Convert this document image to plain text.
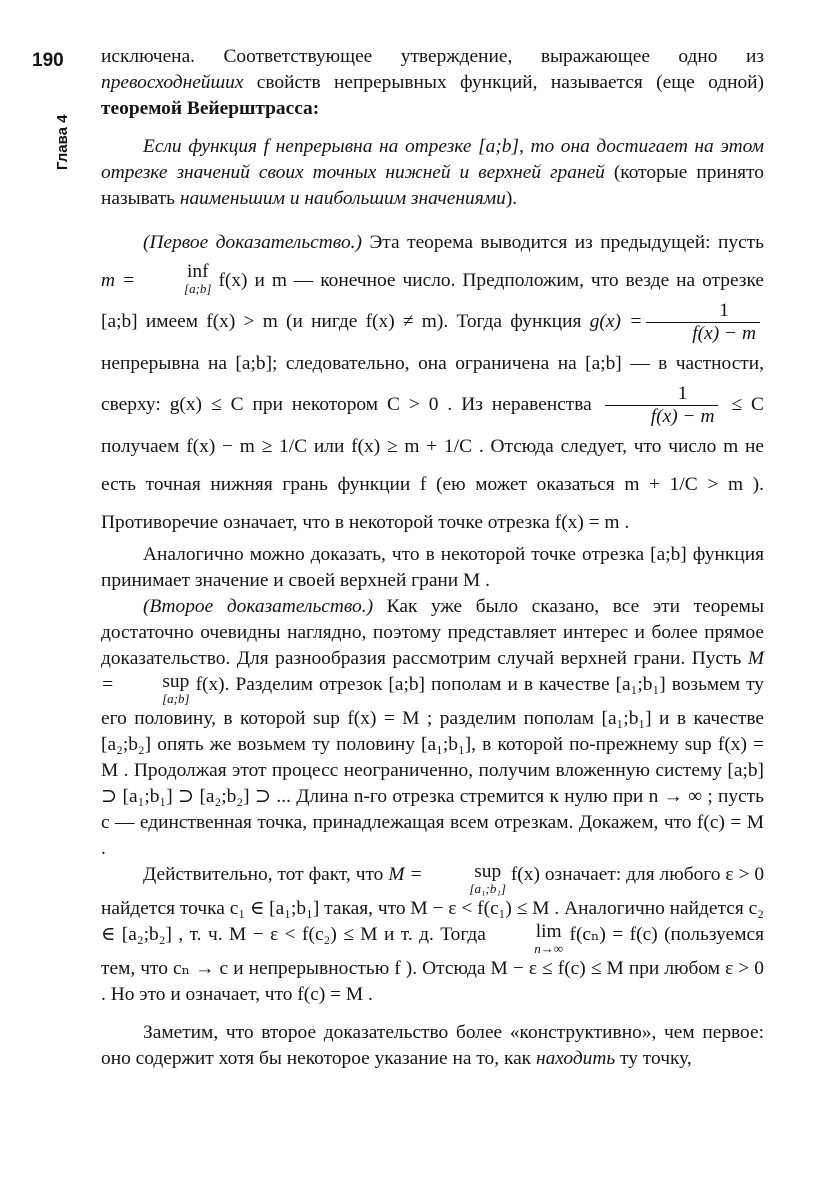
190
Глава 4

исключена. Соответствующее утверждение, выражающее одно из превосходнейших свойств непрерывных функций, называется (еще одной) теоремой Вейерштрасса:

Если функция f непрерывна на отрезке [a;b], то она достигает на этом отрезке значений своих точных нижней и верхней граней (которые принято называть наименьшим и наибольшим значениями).

(Первое доказательство.) Эта теорема выводится из предыдущей: пусть m =	inf
[a;b] f(x) и m — конечное число. Предположим, что везде на отрезке [a;b] имеем f(x) > m (и нигде f(x) ≠ m). Тогда функция $g(x) = \frac{1}{f(x) - m}$
непрерывна на [a;b]; следовательно, она ограничена на [a;b] — в частности, сверху: g(x) ≤ C при некотором C > 0 . Из неравенства $\frac{1}{f(x) - m} \le C$ получаем f(x) − m ≥ 1/C или f(x) ≥ m + 1/C . Отсюда следует, что число m не есть точная нижняя грань функции f (ею может оказаться m + 1/C > m ). Противоречие означает, что в некоторой точке отрезка f(x) = m .

Аналогично можно доказать, что в некоторой точке отрезка [a;b] функция принимает значение и своей верхней грани M .

(Второе доказательство.) Как уже было сказано, все эти теоремы достаточно очевидны наглядно, поэтому представляет интерес и более прямое доказательство. Для разнообразия рассмотрим случай верхней грани. Пусть M =	sup
[a;b]
f(x). Разделим отрезок [a;b] пополам и в качестве [a₁;b₁] возьмем ту его половину, в которой sup f(x) = M ; разделим пополам [a₁;b₁] и в качестве [a₂;b₂] опять же возьмем ту половину [a₁;b₁], в которой по-прежнему sup f(x) = M . Продолжая этот процесс неограниченно, получим вложенную систему [a;b] ⊃ [a₁;b₁] ⊃ [a₂;b₂] ⊃ ... Длина n-го отрезка стремится к нулю при n → ∞ ; пусть c — единственная точка, принадлежащая всем отрезкам. Докажем, что f(c) = M .

Действительно, тот факт, что M =	sup
[a₁;b₁]
f(x) означает: для любого ε > 0 найдется точка c₁ ∈ [a₁;b₁] такая, что M − ε < f(c₁) ≤ M . Аналогично найдется c₂ ∈ [a₂;b₂] , т. ч. M − ε < f(c₂) ≤ M и т. д. Тогда	lim
n→∞
f(cₙ) = f(c) (пользуемся тем, что cₙ → c и непрерывностью f ). Отсюда M − ε ≤ f(c) ≤ M при любом ε > 0 . Но это и означает, что f(c) = M .

Заметим, что второе доказательство более «конструктивно», чем первое: оно содержит хотя бы некоторое указание на то, как находить ту точку,
